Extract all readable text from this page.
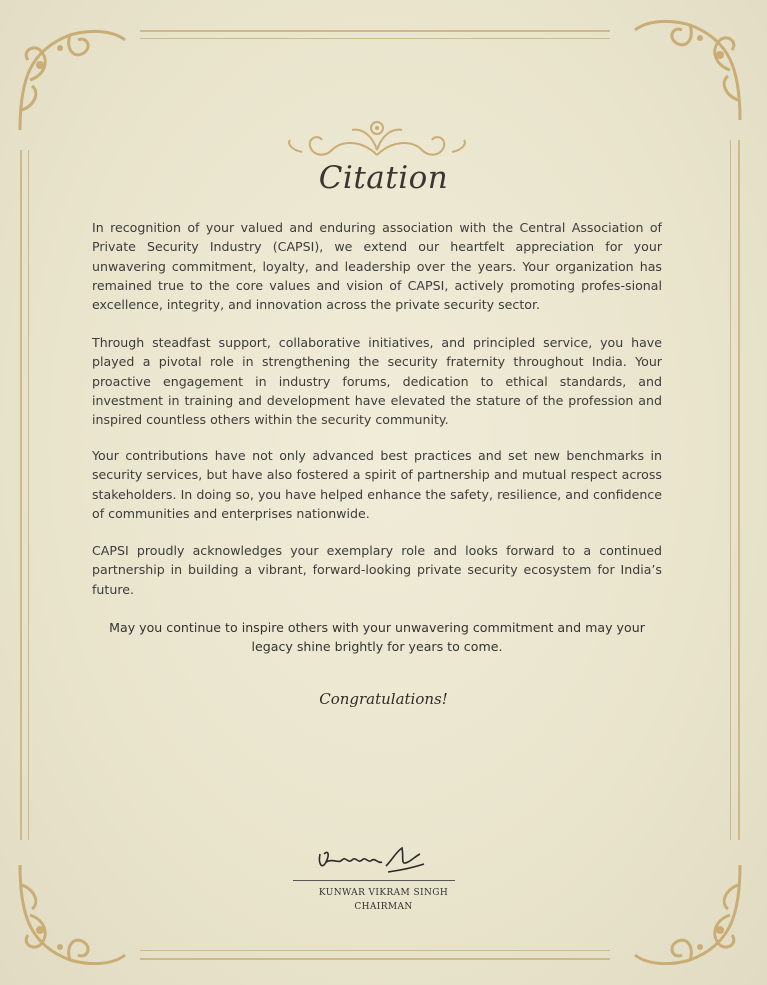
Citation

In recognition of your valued and enduring association with the Central Association of Private Security Industry (CAPSI), we extend our heartfelt appreciation for your unwavering commitment, loyalty, and leadership over the years. Your organization has remained true to the core values and vision of CAPSI, actively promoting profes-sional excellence, integrity, and innovation across the private security sector.

Through steadfast support, collaborative initiatives, and principled service, you have played a pivotal role in strengthening the security fraternity throughout India. Your proactive engagement in industry forums, dedication to ethical standards, and investment in training and development have elevated the stature of the profession and inspired countless others within the security community.

Your contributions have not only advanced best practices and set new benchmarks in security services, but have also fostered a spirit of partnership and mutual respect across stakeholders. In doing so, you have helped enhance the safety, resilience, and confidence of communities and enterprises nationwide.

CAPSI proudly acknowledges your exemplary role and looks forward to a continued partnership in building a vibrant, forward-looking private security ecosystem for India’s future.

May you continue to inspire others with your unwavering commitment and may your legacy shine brightly for years to come.

Congratulations!
KUNWAR VIKRAM SINGH
CHAIRMAN
